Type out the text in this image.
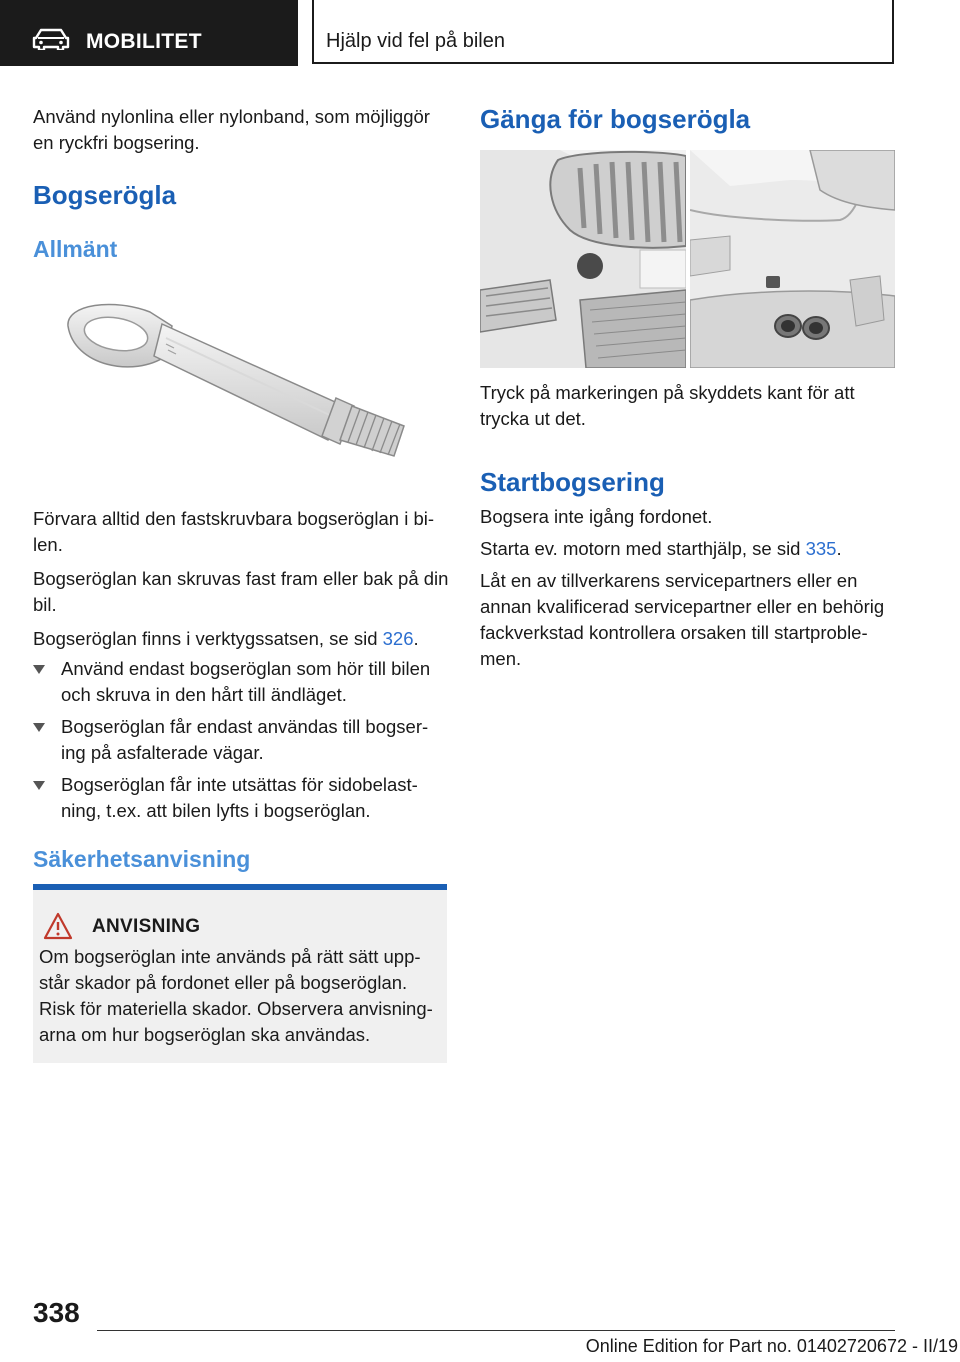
MOBILITET	Hjälp vid fel på bilen
Använd nylonlina eller nylonband, som möjliggör en ryckfri bogsering.
Bogserögla
Allmänt
Förvara alltid den fastskruvbara bogseröglan i bi-len.
Bogseröglan kan skruvas fast fram eller bak på din bil.
Bogseröglan finns i verktygssatsen, se sid 326.
Använd endast bogseröglan som hör till bilen och skruva in den hårt till ändläget.
Bogseröglan får endast användas till bogser-ing på asfalterade vägar.
Bogseröglan får inte utsättas för sidobelast-ning, t.ex. att bilen lyfts i bogseröglan.
Säkerhetsanvisning
ANVISNING
Om bogseröglan inte används på rätt sätt upp-står skador på fordonet eller på bogseröglan. Risk för materiella skador. Observera anvisning-arna om hur bogseröglan ska användas.
Gänga för bogserögla
Tryck på markeringen på skyddets kant för att trycka ut det.
Startbogsering
Bogsera inte igång fordonet.
Starta ev. motorn med starthjälp, se sid 335.
Låt en av tillverkarens servicepartners eller en annan kvalificerad servicepartner eller en behörig fackverkstad kontrollera orsaken till startproble-men.
338
Online Edition for Part no. 01402720672 - II/19
